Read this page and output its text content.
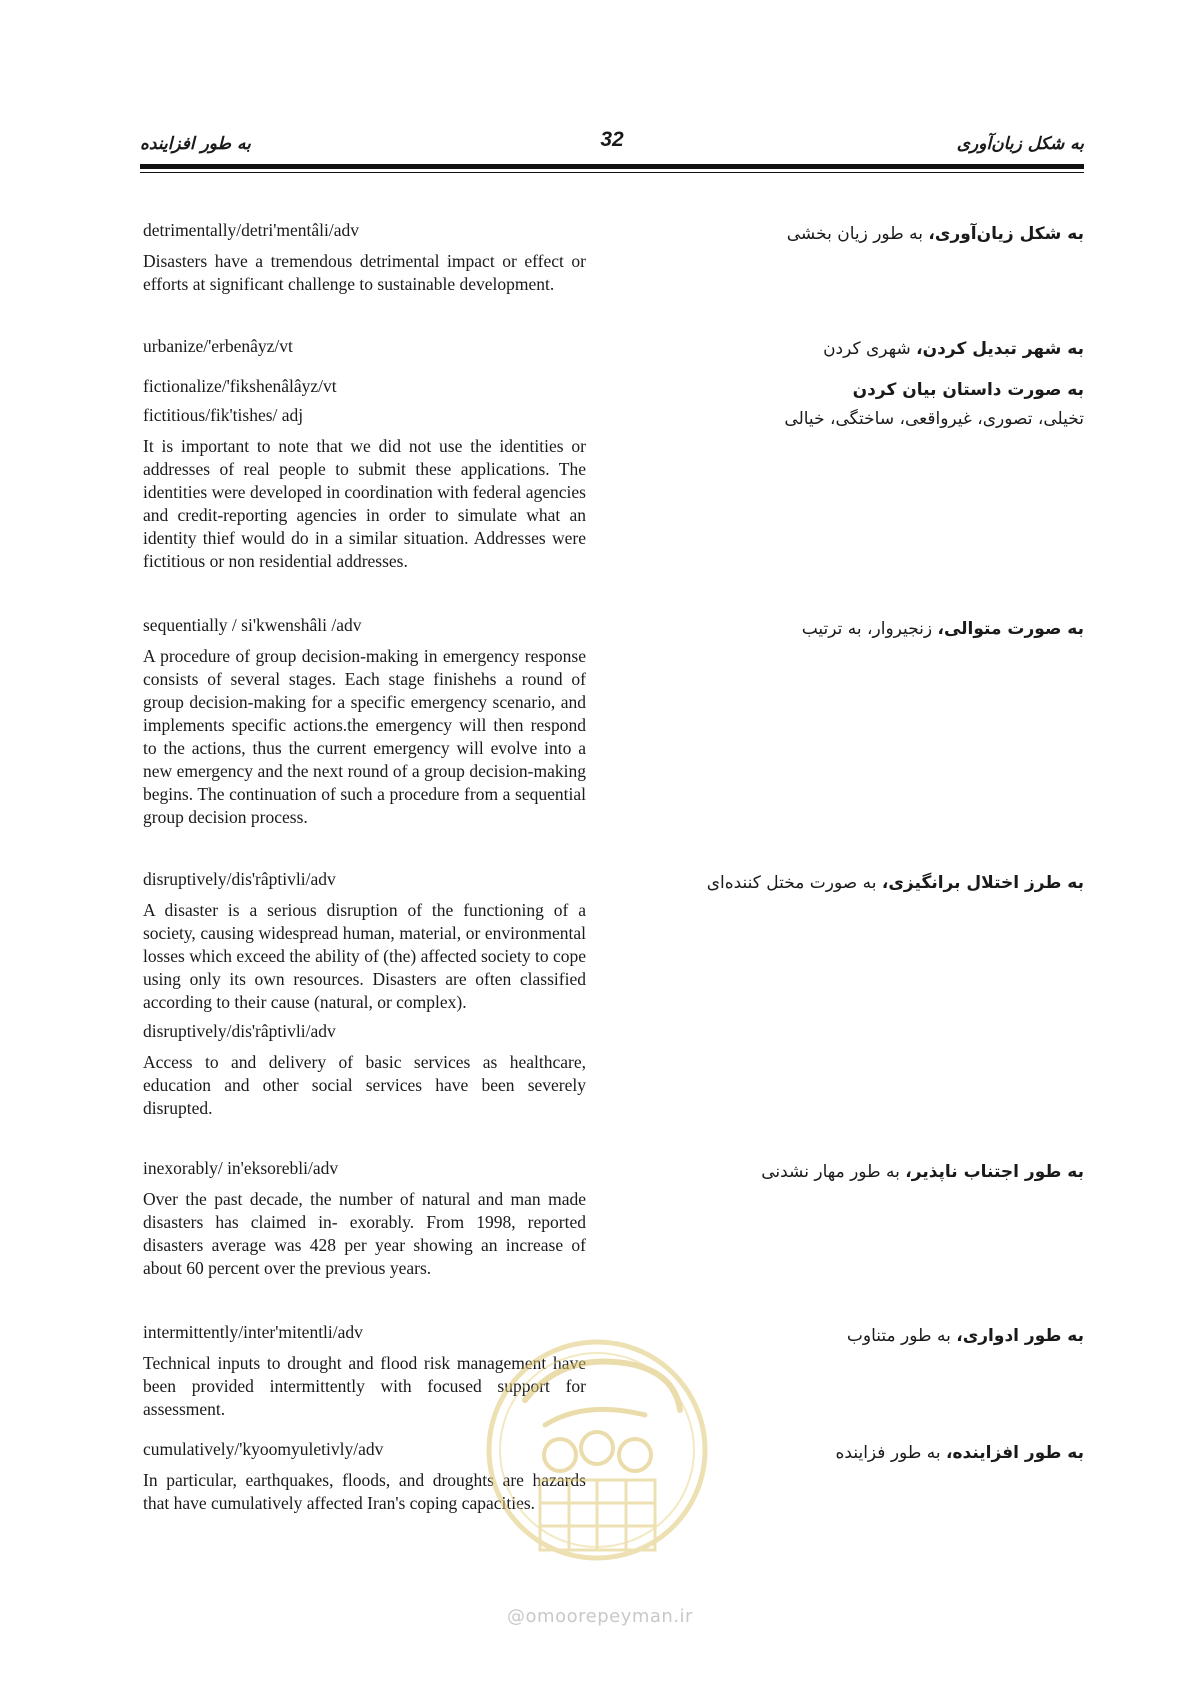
به طور افزاینده	32	به شکل زبان‌آوری
detrimentally/detri'mentâli/adv
Disasters have a tremendous detrimental impact or effect or efforts at significant challenge to sustainable development.
urbanize/'erbenâyz/vt
fictionalize/'fikshenâlâyz/vt
fictitious/fik'tishes/ adj
It is important to note that we did not use the identities or addresses of real people to submit these applications. The identities were developed in coordination with federal agencies and credit-reporting agencies in order to simulate what an identity thief would do in a similar situation. Addresses were fictitious or non residential addresses.
sequentially / si'kwenshâli /adv
A procedure of group decision-making in emergency response consists of several stages. Each stage finishehs a round of group decision-making for a specific emergency scenario, and implements specific actions.the emergency will then respond to the actions, thus the current emergency will evolve into a new emergency and the next round of a group decision-making begins. The continuation of such a procedure from a sequential group decision process.
disruptively/dis'râptivli/adv
A disaster is a serious disruption of the functioning of a society, causing widespread human, material, or environmental losses which exceed the ability of (the) affected society to cope using only its own resources. Disasters are often classified according to their cause (natural, or complex).
disruptively/dis'râptivli/adv
Access to and delivery of basic services as healthcare, education and other social services have been severely disrupted.
inexorably/ in'eksorebli/adv
Over the past decade, the number of natural and man made disasters has claimed in- exorably. From 1998, reported disasters average was 428 per year showing an increase of about 60 percent over the previous years.
intermittently/inter'mitentli/adv
Technical inputs to drought and flood risk management have been provided intermittently with focused support for assessment.
cumulatively/'kyoomyuletivly/adv
In particular, earthquakes, floods, and droughts are hazards that have cumulatively affected Iran's coping capacities.
به شکل زیان‌آوری، به طور زیان بخشی
به شهر تبدیل کردن، شهری کردن
به صورت داستان بیان کردن
تخیلی، تصوری، غیرواقعی، ساختگی، خیالی
به صورت متوالی، زنجیروار، به ترتیب
به طرز اختلال برانگیزی، به صورت مختل کننده‌ای
به طور اجتناب ناپذیر، به طور مهار نشدنی
به طور ادواری، به طور متناوب
به طور افزاینده، به طور فزاینده
@omoorepeyman.ir
